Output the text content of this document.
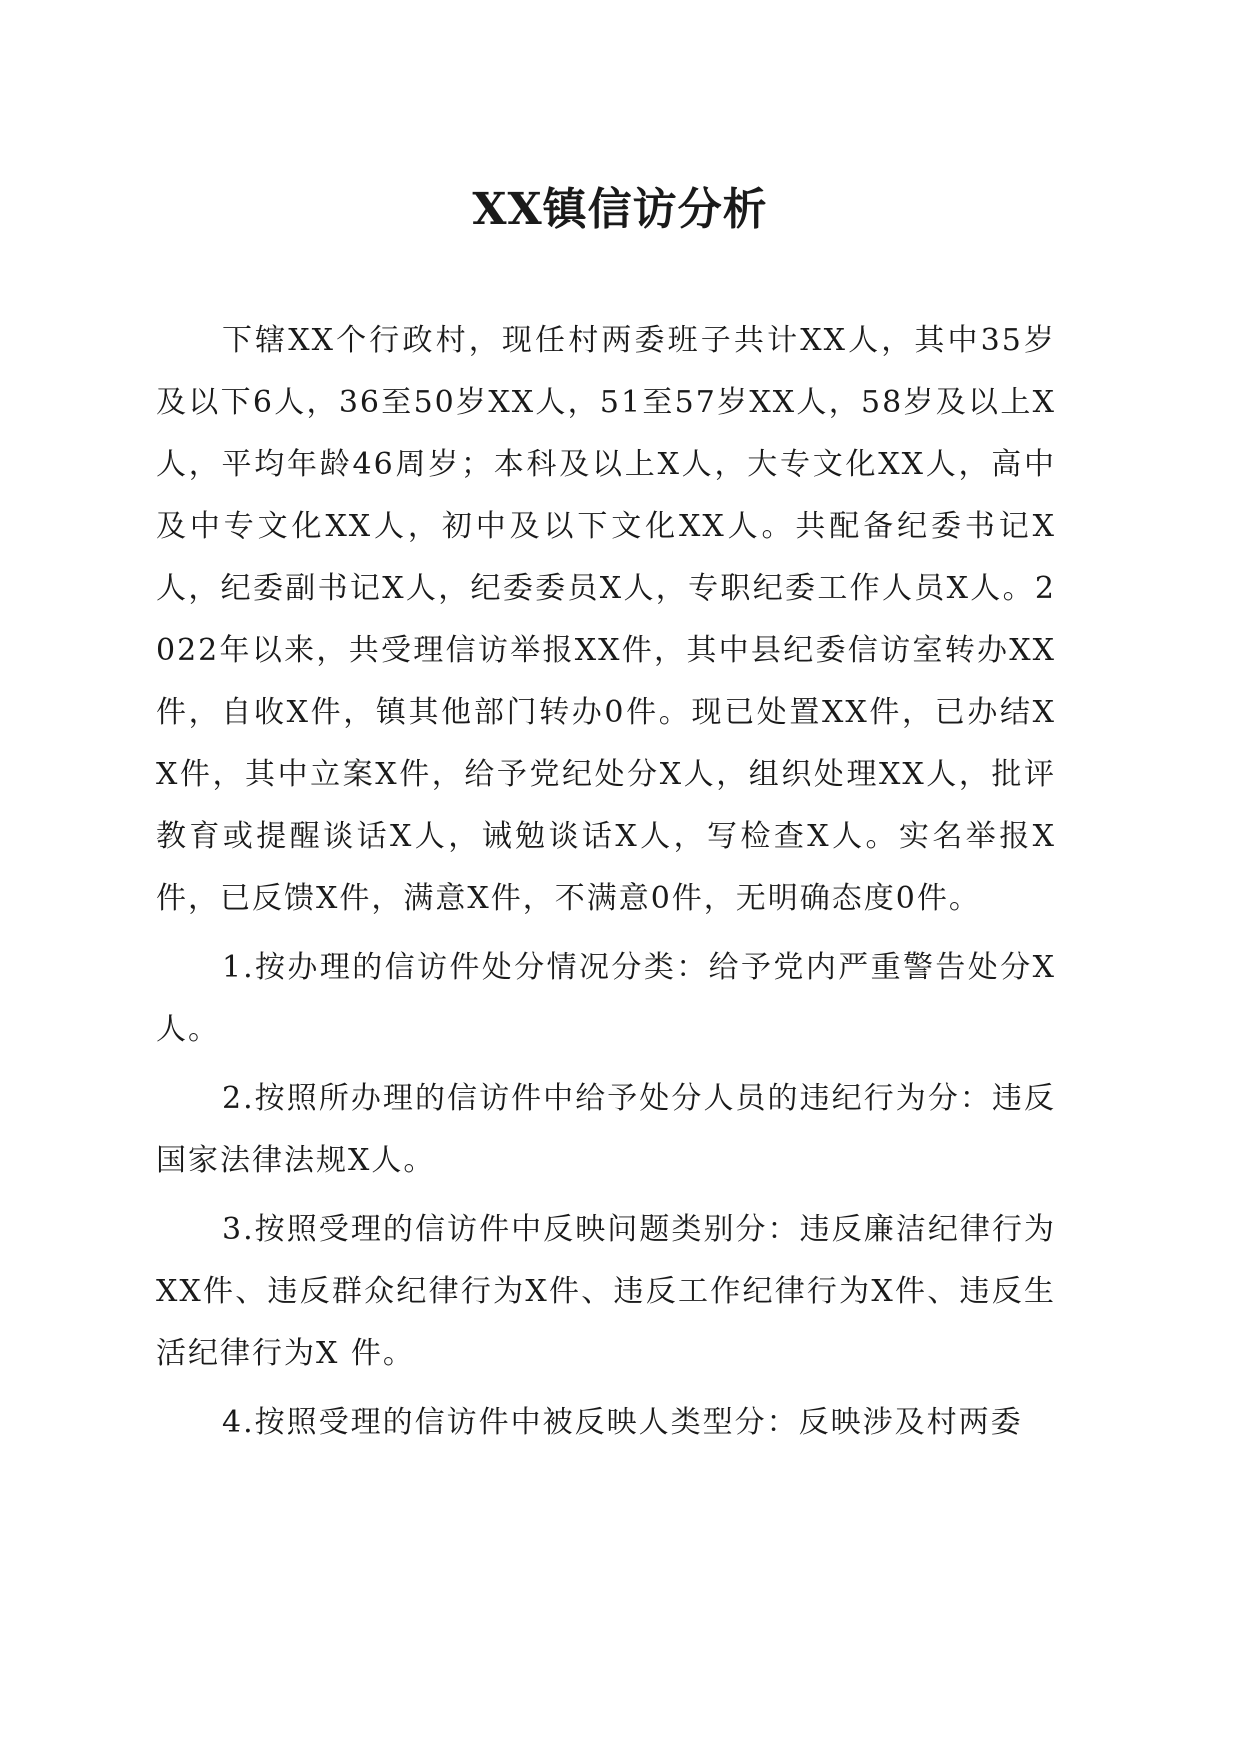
XX镇信访分析

下辖XX个行政村，现任村两委班子共计XX人，其中35岁及以下6人，36至50岁XX人，51至57岁XX人，58岁及以上X人，平均年龄46周岁；本科及以上X人，大专文化XX人，高中及中专文化XX人，初中及以下文化XX人。共配备纪委书记X人，纪委副书记X人，纪委委员X人，专职纪委工作人员X人。2022年以来，共受理信访举报XX件，其中县纪委信访室转办XX件，自收X件，镇其他部门转办0件。现已处置XX件，已办结XX件，其中立案X件，给予党纪处分X人，组织处理XX人，批评教育或提醒谈话X人，诫勉谈话X人，写检查X人。实名举报X件，已反馈X件，满意X件，不满意0件，无明确态度0件。

1.按办理的信访件处分情况分类：给予党内严重警告处分X人。

2.按照所办理的信访件中给予处分人员的违纪行为分：违反国家法律法规X人。

3.按照受理的信访件中反映问题类别分：违反廉洁纪律行为XX件、违反群众纪律行为X件、违反工作纪律行为X件、违反生活纪律行为X 件。

4.按照受理的信访件中被反映人类型分：反映涉及村两委
